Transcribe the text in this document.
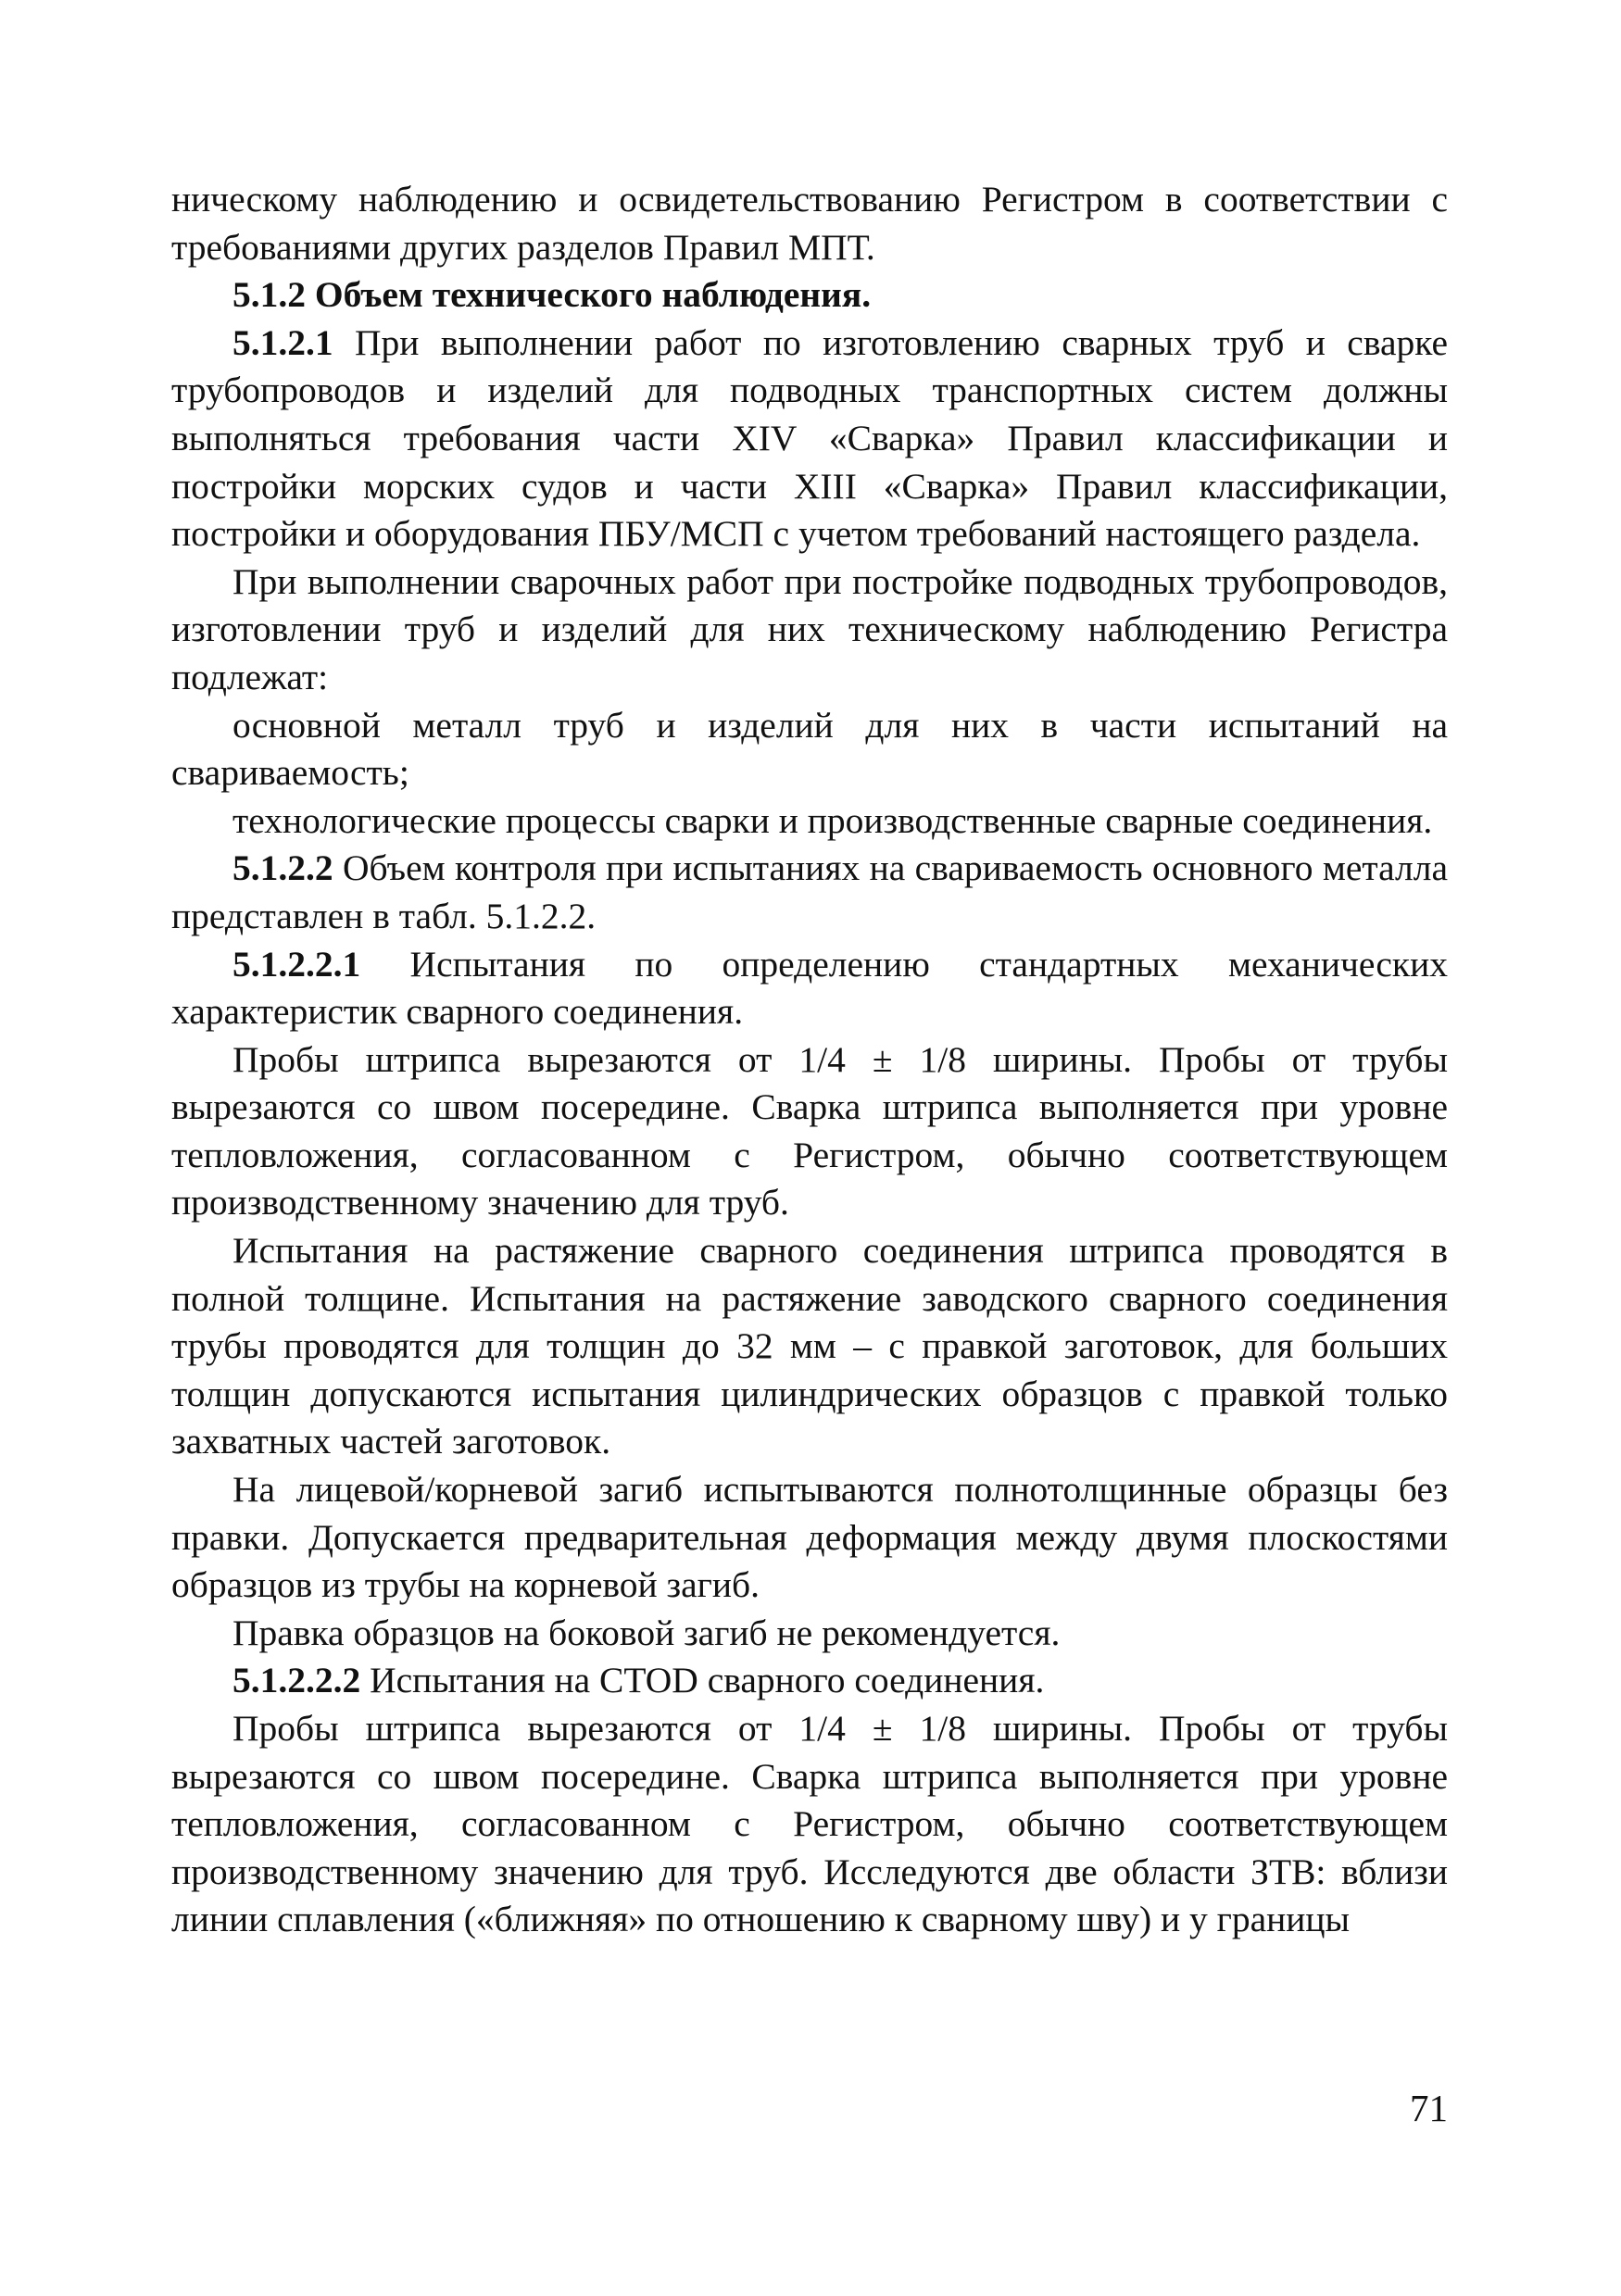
ническому наблюдению и освидетельствованию Регистром в соответствии с требованиями других разделов Правил МПТ.

5.1.2 Объем технического наблюдения.

5.1.2.1 При выполнении работ по изготовлению сварных труб и сварке трубопроводов и изделий для подводных транспортных систем должны выполняться требования части XIV «Сварка» Правил классификации и постройки морских судов и части XIII «Сварка» Правил классификации, постройки и оборудования ПБУ/МСП с учетом требований настоящего раздела.

При выполнении сварочных работ при постройке подводных трубопроводов, изготовлении труб и изделий для них техническому наблюдению Регистра подлежат:

основной металл труб и изделий для них в части испытаний на свариваемость;

технологические процессы сварки и производственные сварные соединения.

5.1.2.2 Объем контроля при испытаниях на свариваемость основного металла представлен в табл. 5.1.2.2.

5.1.2.2.1 Испытания по определению стандартных механических характеристик сварного соединения.

Пробы штрипса вырезаются от 1/4 ± 1/8 ширины. Пробы от трубы вырезаются со швом посередине. Сварка штрипса выполняется при уровне тепловложения, согласованном с Регистром, обычно соответствующем производственному значению для труб.

Испытания на растяжение сварного соединения штрипса проводятся в полной толщине. Испытания на растяжение заводского сварного соединения трубы проводятся для толщин до 32 мм – с правкой заготовок, для больших толщин допускаются испытания цилиндрических образцов с правкой только захватных частей заготовок.

На лицевой/корневой загиб испытываются полнотолщинные образцы без правки. Допускается предварительная деформация между двумя плоскостями образцов из трубы на корневой загиб.

Правка образцов на боковой загиб не рекомендуется.

5.1.2.2.2 Испытания на CTOD сварного соединения.

Пробы штрипса вырезаются от 1/4 ± 1/8 ширины. Пробы от трубы вырезаются со швом посередине. Сварка штрипса выполняется при уровне тепловложения, согласованном с Регистром, обычно соответствующем производственному значению для труб. Исследуются две области ЗТВ: вблизи линии сплавления («ближняя» по отношению к сварному шву) и у границы

71
